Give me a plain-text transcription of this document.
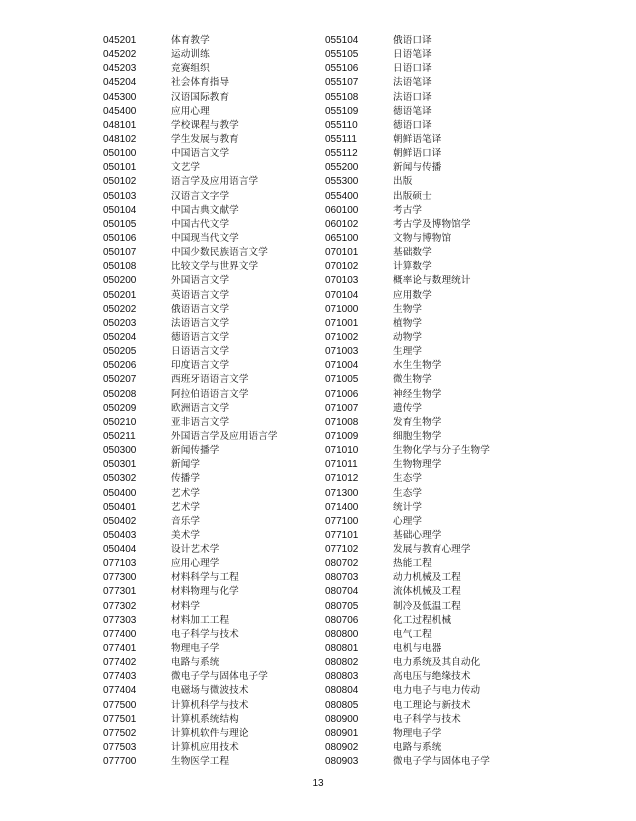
045201	体育教学
045202	运动训练
045203	竞赛组织
045204	社会体育指导
045300	汉语国际教育
045400	应用心理
048101	学校课程与教学
048102	学生发展与教育
050100	中国语言文学
050101	文艺学
050102	语言学及应用语言学
050103	汉语言文字学
050104	中国古典文献学
050105	中国古代文学
050106	中国现当代文学
050107	中国少数民族语言文学
050108	比较文学与世界文学
050200	外国语言文学
050201	英语语言文学
050202	俄语语言文学
050203	法语语言文学
050204	德语语言文学
050205	日语语言文学
050206	印度语言文学
050207	西班牙语语言文学
050208	阿拉伯语语言文学
050209	欧洲语言文学
050210	亚非语言文学
050211	外国语言学及应用语言学
050300	新闻传播学
050301	新闻学
050302	传播学
050400	艺术学
050401	艺术学
050402	音乐学
050403	美术学
050404	设计艺术学
077103	应用心理学
077300	材料科学与工程
077301	材料物理与化学
077302	材料学
077303	材料加工工程
077400	电子科学与技术
077401	物理电子学
077402	电路与系统
077403	微电子学与固体电子学
077404	电磁场与微波技术
077500	计算机科学与技术
077501	计算机系统结构
077502	计算机软件与理论
077503	计算机应用技术
077700	生物医学工程
055104	俄语口译
055105	日语笔译
055106	日语口译
055107	法语笔译
055108	法语口译
055109	德语笔译
055110	德语口译
055111	朝鲜语笔译
055112	朝鲜语口译
055200	新闻与传播
055300	出版
055400	出版硕士
060100	考古学
060102	考古学及博物馆学
065100	文物与博物馆
070101	基础数学
070102	计算数学
070103	概率论与数理统计
070104	应用数学
071000	生物学
071001	植物学
071002	动物学
071003	生理学
071004	水生生物学
071005	微生物学
071006	神经生物学
071007	遗传学
071008	发育生物学
071009	细胞生物学
071010	生物化学与分子生物学
071011	生物物理学
071012	生态学
071300	生态学
071400	统计学
077100	心理学
077101	基础心理学
077102	发展与教育心理学
080702	热能工程
080703	动力机械及工程
080704	流体机械及工程
080705	制冷及低温工程
080706	化工过程机械
080800	电气工程
080801	电机与电器
080802	电力系统及其自动化
080803	高电压与绝缘技术
080804	电力电子与电力传动
080805	电工理论与新技术
080900	电子科学与技术
080901	物理电子学
080902	电路与系统
080903	微电子学与固体电子学
13
